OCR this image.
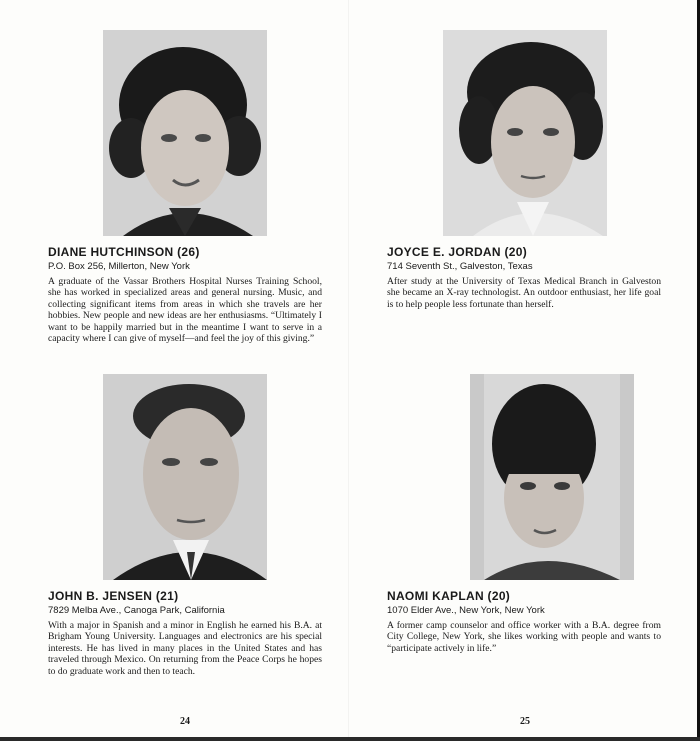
DIANE HUTCHINSON (26)
P.O. Box 256, Millerton, New York
A graduate of the Vassar Brothers Hospital Nurses Training School, she has worked in specialized areas and general nursing. Music, and collecting significant items from areas in which she travels are her hobbies. New people and new ideas are her enthusiasms. “Ultimately I want to be happily married but in the meantime I want to serve in a capacity where I can give of myself—and feel the joy of this giving.”
JOYCE E. JORDAN (20)
714 Seventh St., Galveston, Texas
After study at the University of Texas Medical Branch in Galveston she became an X-ray technologist. An outdoor enthusiast, her life goal is to help people less fortunate than herself.
JOHN B. JENSEN (21)
7829 Melba Ave., Canoga Park, California
With a major in Spanish and a minor in English he earned his B.A. at Brigham Young University. Languages and electronics are his special interests. He has lived in many places in the United States and has traveled through Mexico. On returning from the Peace Corps he hopes to do graduate work and then to teach.
NAOMI KAPLAN (20)
1070 Elder Ave., New York, New York
A former camp counselor and office worker with a B.A. degree from City College, New York, she likes working with people and wants to “participate actively in life.”
24	25
